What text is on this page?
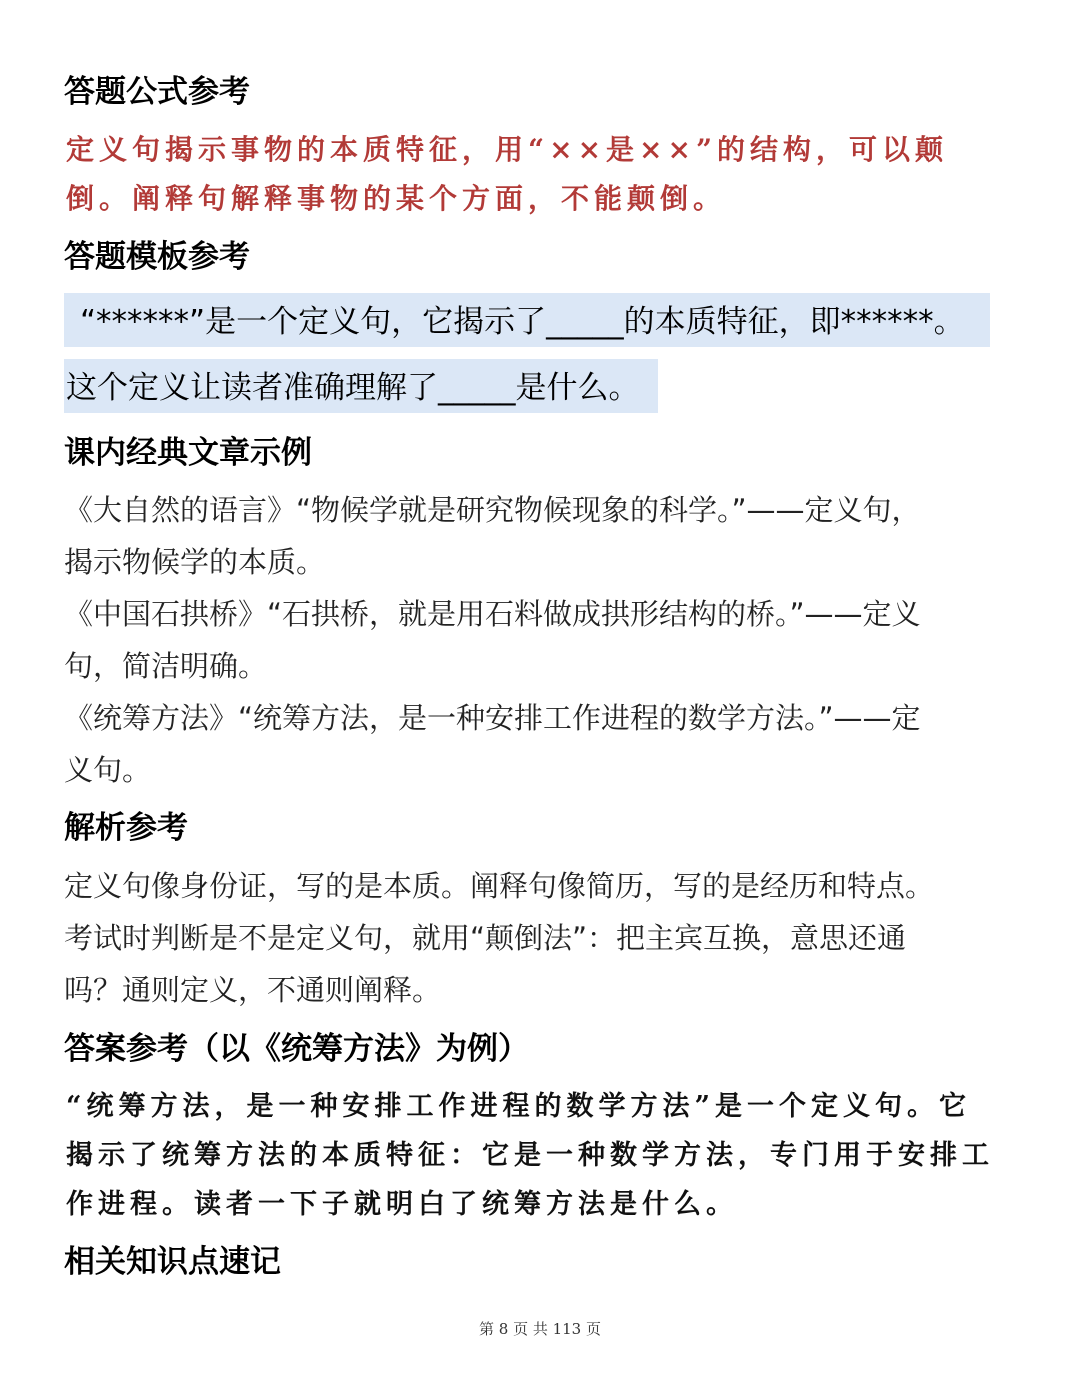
答题公式参考
定义句揭示事物的本质特征，用“××是××”的结构，可以颠
倒。阐释句解释事物的某个方面，不能颠倒。
答题模板参考
“******”是一个定义句，它揭示了_____的本质特征，即******。
这个定义让读者准确理解了_____是什么。
课内经典文章示例
《大自然的语言》“物候学就是研究物候现象的科学。”——定义句，
揭示物候学的本质。
《中国石拱桥》“石拱桥，就是用石料做成拱形结构的桥。”——定义
句，简洁明确。
《统筹方法》“统筹方法，是一种安排工作进程的数学方法。”——定
义句。
解析参考
定义句像身份证，写的是本质。阐释句像简历，写的是经历和特点。
考试时判断是不是定义句，就用“颠倒法”：把主宾互换，意思还通
吗？通则定义，不通则阐释。
答案参考（以《统筹方法》为例）
“统筹方法，是一种安排工作进程的数学方法”是一个定义句。它
揭示了统筹方法的本质特征：它是一种数学方法，专门用于安排工
作进程。读者一下子就明白了统筹方法是什么。
相关知识点速记
第 8 页 共 113 页
